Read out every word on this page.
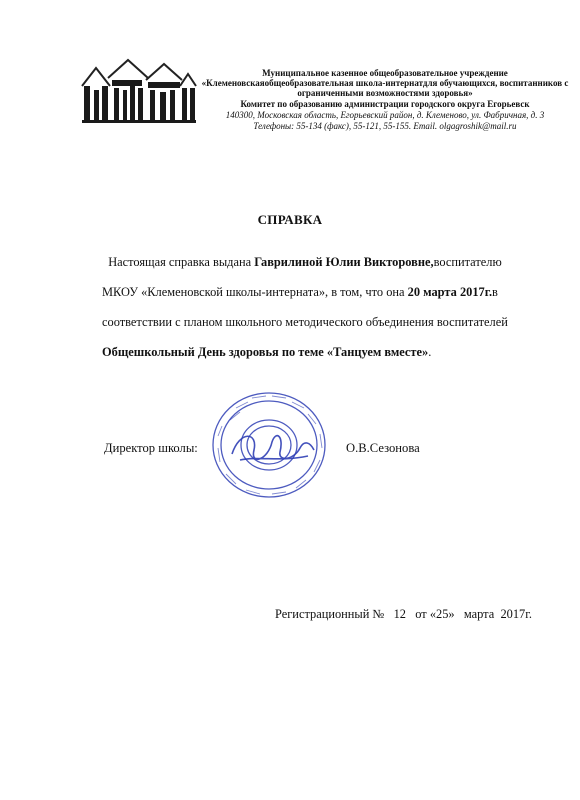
Муниципальное казенное общеобразовательное учреждение
«Клеменовскаяобщеобразовательная школа-интернатдля обучающихся, воспитанников с
ограниченными возможностями здоровья»
Комитет по образованию администрации городского округа Егорьевск
140300, Московская область, Егорьевский район, д. Клеменово, ул. Фабричная, д. 3
Телефоны: 55-134 (факс), 55-121, 55-155. Email. olgagroshik@mail.ru
СПРАВКА
Настоящая справка выдана Гаврилиной Юлии Викторовне,воспитателю
МКОУ «Клеменовской школы-интерната», в том, что она 20 марта 2017г.в
соответствии с планом школьного методического объединения воспитателей
Общешкольный День здоровья по теме «Танцуем вместе».
Директор школы:	О.В.Сезонова
Регистрационный №   12   от «25»   марта  2017г.
